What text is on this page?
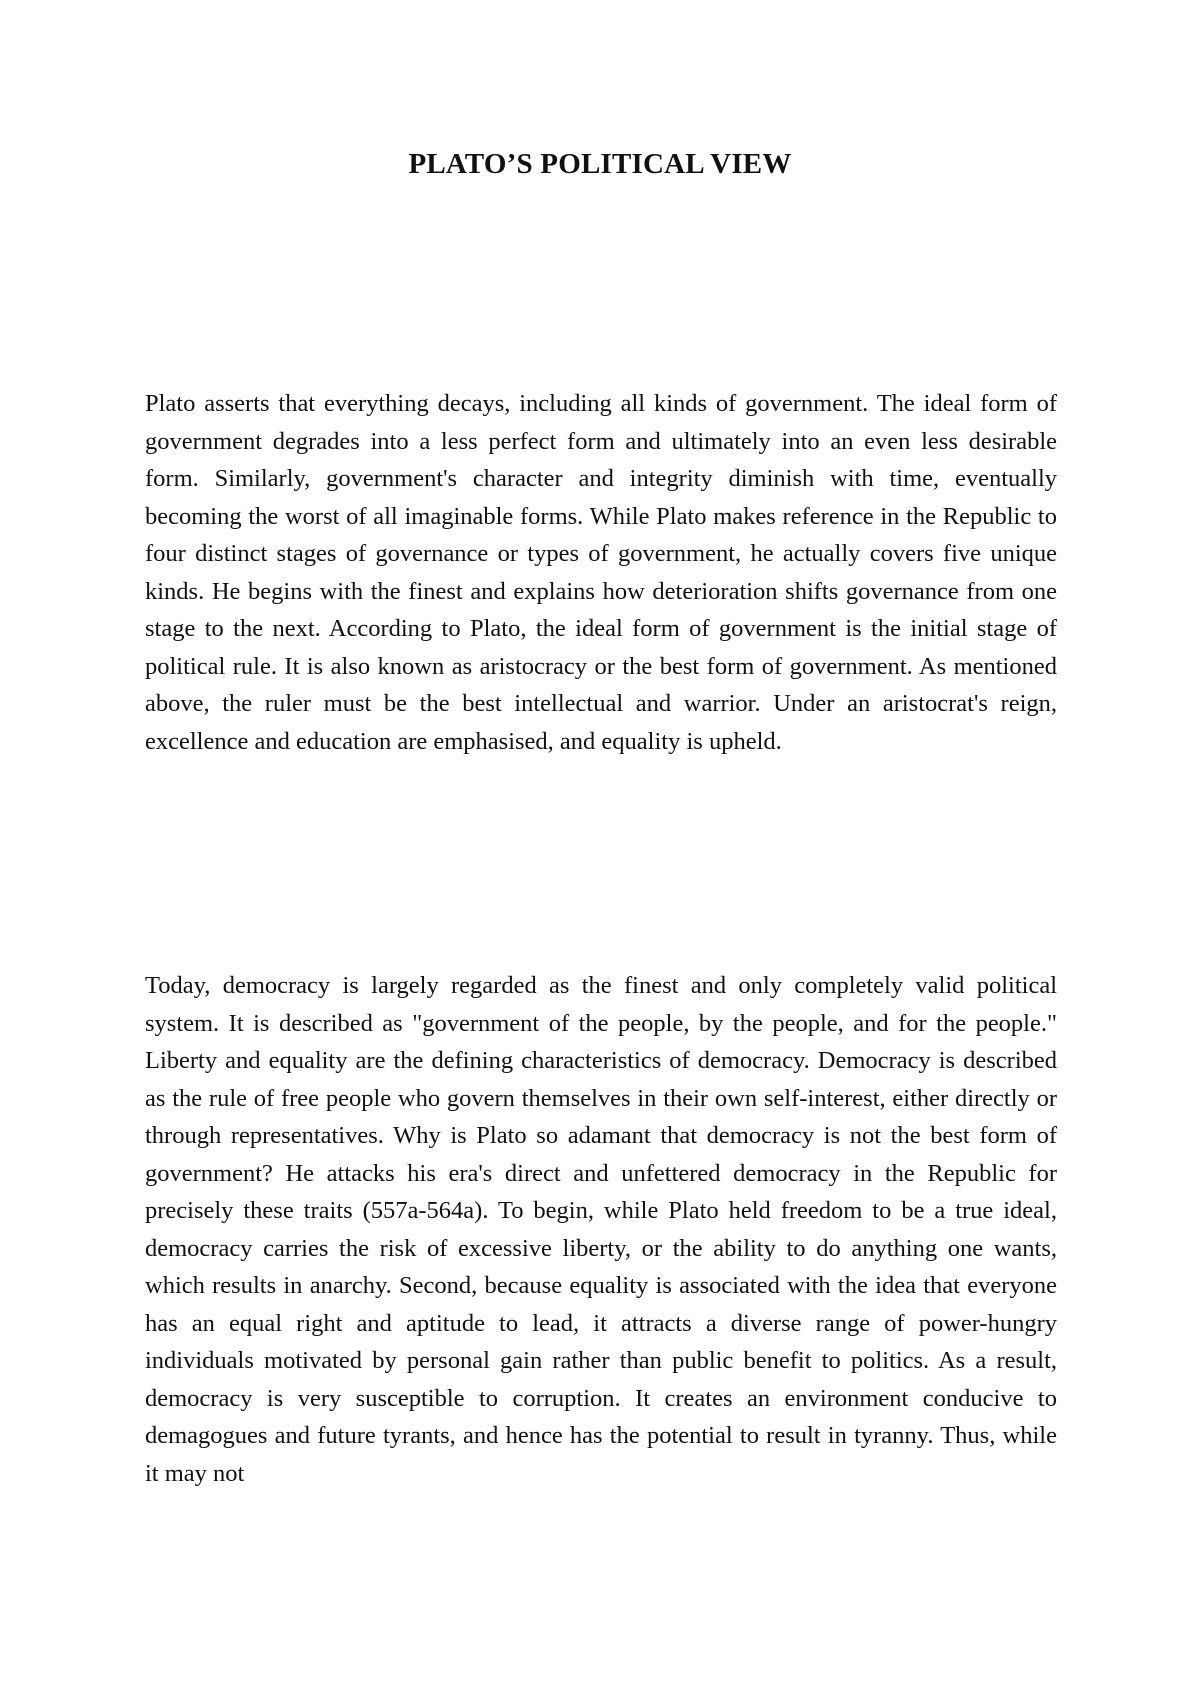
PLATO’S POLITICAL VIEW

Plato asserts that everything decays, including all kinds of government. The ideal form of government degrades into a less perfect form and ultimately into an even less desirable form. Similarly, government's character and integrity diminish with time, eventually becoming the worst of all imaginable forms. While Plato makes reference in the Republic to four distinct stages of governance or types of government, he actually covers five unique kinds. He begins with the finest and explains how deterioration shifts governance from one stage to the next. According to Plato, the ideal form of government is the initial stage of political rule. It is also known as aristocracy or the best form of government. As mentioned above, the ruler must be the best intellectual and warrior. Under an aristocrat's reign, excellence and education are emphasised, and equality is upheld.

Today, democracy is largely regarded as the finest and only completely valid political system. It is described as "government of the people, by the people, and for the people." Liberty and equality are the defining characteristics of democracy. Democracy is described as the rule of free people who govern themselves in their own self-interest, either directly or through representatives. Why is Plato so adamant that democracy is not the best form of government? He attacks his era's direct and unfettered democracy in the Republic for precisely these traits (557a-564a). To begin, while Plato held freedom to be a true ideal, democracy carries the risk of excessive liberty, or the ability to do anything one wants, which results in anarchy. Second, because equality is associated with the idea that everyone has an equal right and aptitude to lead, it attracts a diverse range of power-hungry individuals motivated by personal gain rather than public benefit to politics. As a result, democracy is very susceptible to corruption. It creates an environment conducive to demagogues and future tyrants, and hence has the potential to result in tyranny. Thus, while it may not
